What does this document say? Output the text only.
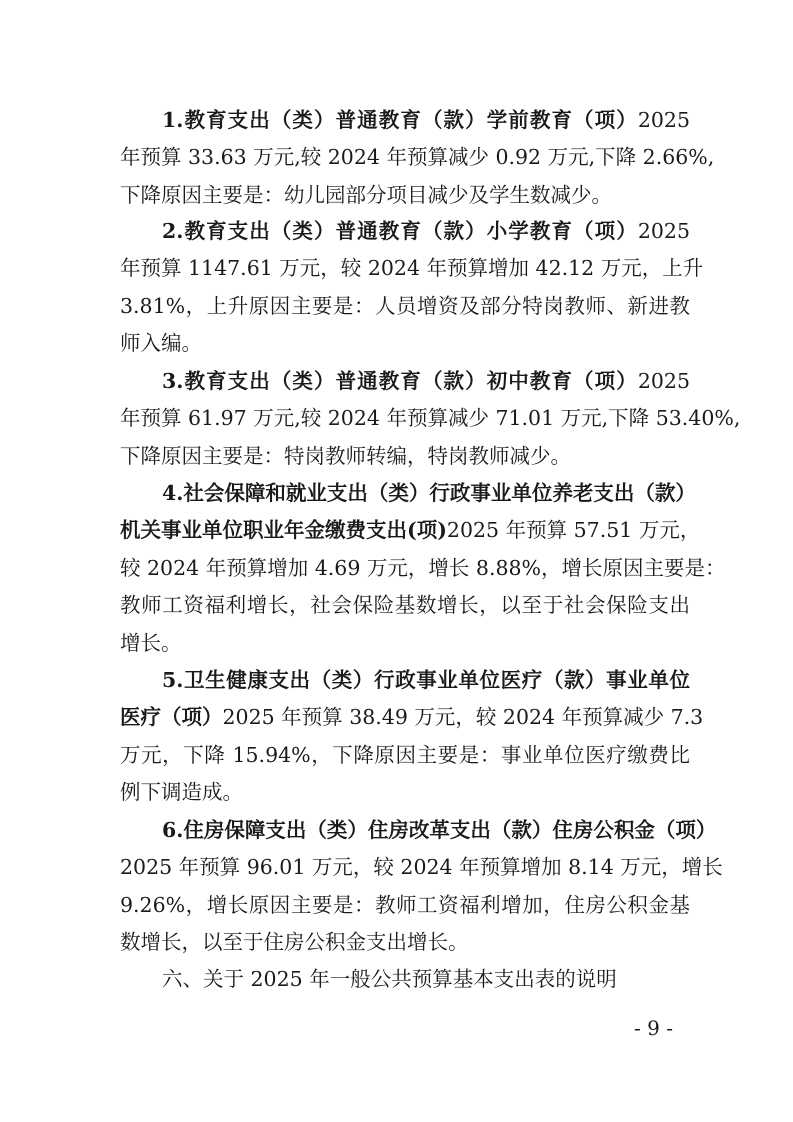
1.教育支出（类）普通教育（款）学前教育（项）2025
年预算 33.63 万元,较 2024 年预算减少 0.92 万元,下降 2.66%,
下降原因主要是：幼儿园部分项目减少及学生数减少。
2.教育支出（类）普通教育（款）小学教育（项）2025
年预算 1147.61 万元，较 2024 年预算增加 42.12 万元，上升
3.81%，上升原因主要是：人员增资及部分特岗教师、新进教
师入编。
3.教育支出（类）普通教育（款）初中教育（项）2025
年预算 61.97 万元,较 2024 年预算减少 71.01 万元,下降 53.40%,
下降原因主要是：特岗教师转编，特岗教师减少。
4.社会保障和就业支出（类）行政事业单位养老支出（款）
机关事业单位职业年金缴费支出(项)2025 年预算 57.51 万元，
较 2024 年预算增加 4.69 万元，增长 8.88%，增长原因主要是：
教师工资福利增长，社会保险基数增长，以至于社会保险支出
增长。
5.卫生健康支出（类）行政事业单位医疗（款）事业单位
医疗（项）2025 年预算 38.49 万元，较 2024 年预算减少 7.3
万元，下降 15.94%，下降原因主要是：事业单位医疗缴费比
例下调造成。
6.住房保障支出（类）住房改革支出（款）住房公积金（项）
2025 年预算 96.01 万元，较 2024 年预算增加 8.14 万元，增长
9.26%，增长原因主要是：教师工资福利增加，住房公积金基
数增长，以至于住房公积金支出增长。
六、关于 2025 年一般公共预算基本支出表的说明
- 9 -
